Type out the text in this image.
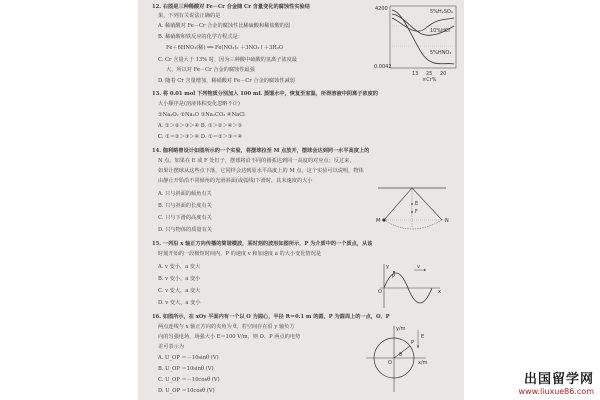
12. 右图是三种稀酸对 Fe－Cr 合金随 Cr 含量变化的腐蚀性实验结
果，下列有关说法正确的是
A. 稀硝酸对 Fe－Cr 合金的腐蚀性比稀硫酸和稀盐酸的弱
B. 稀硝酸和铁反应的化学方程式是：
Fe＋6HNO₃(稀) ══ Fe(NO₃)₃ ＋3NO₂↑＋3H₂O
C. Cr 含量大于 13% 时，因为三种酸中硫酸的氢离子浓度最
大，所以对 Fe－Cr 合金的腐蚀性最强
D. 随着 Cr 含量增加，稀硝酸对 Fe－Cr 合金的腐蚀性减弱
13. 将 0.01 mol 下列物质分别加入 100 mL 蒸馏水中，恢复至室温，所得溶液中阴离子浓度的
大小顺序是(溶液体积变化忽略不计)
①Na₂O₂ ②Na₂O ③Na₂CO₃ ④NaCl
A. ①＞②＞③＞④ B. ①＞②＞④＞③
C. ①＝②＞③＞④ D. ①＝②＞③＝④
14. 伽利略曾设计如图所示的一个实验，将摆球拉至 M 点放开，摆球会达到同一水平高度上的
N 点。如果在 E 或 F 处钉子，摆球将沿不同的圆弧达到同一高度的对应点；反过来，
如果让摆球从这些点下落，它同样会达到原水平高度上的 M 点。这个实验可以说明，物体
由静止开始沿不同倾角的光滑斜面(或弧线)下滑时，其末速度的大小
A. 只与斜面的倾角有关
B. 只与斜面的长度有关
C. 只与下滑的高度有关
D. 只与物体的质量有关
15. 一列沿 x 轴正方向传播的简谐横波，某时刻的波形如图所示，P 为介质中的一个质点，从该
时刻开始的一段极短时间内，P 的速度 v 和加速度 a 的大小变化情况是
A. v 变小，a 变大
B. v 变小，a 变小
C. v 变大，a 变大
D. v 变大，a 变小
16. 如图所示，在 xOy 平面内有一个以 O 为圆心，半径 R＝0.1 m 的圆，P 为圆周上的一点，O、P
两点连线与 x 轴正方向的夹角为 θ。若空间存在沿 y 轴负方
向的匀强电场，场强大小 E＝100 V/m，则 O、P 两点的电势
差可表示为
A. U_OP ＝－10sinθ (V)
B. U_OP ＝10sinθ (V)
C. U_OP ＝－10cosθ (V)
D. U_OP ＝10cosθ (V)
4200
0.0042
13 25 20
5%H₂SO₄
10%HCl
5%HNO₃
×Cr%
M	N
E
F
y	v
O
P
x
y/m
x/m
O
P
E
θ
出国留学网
www.liuxue86.com
